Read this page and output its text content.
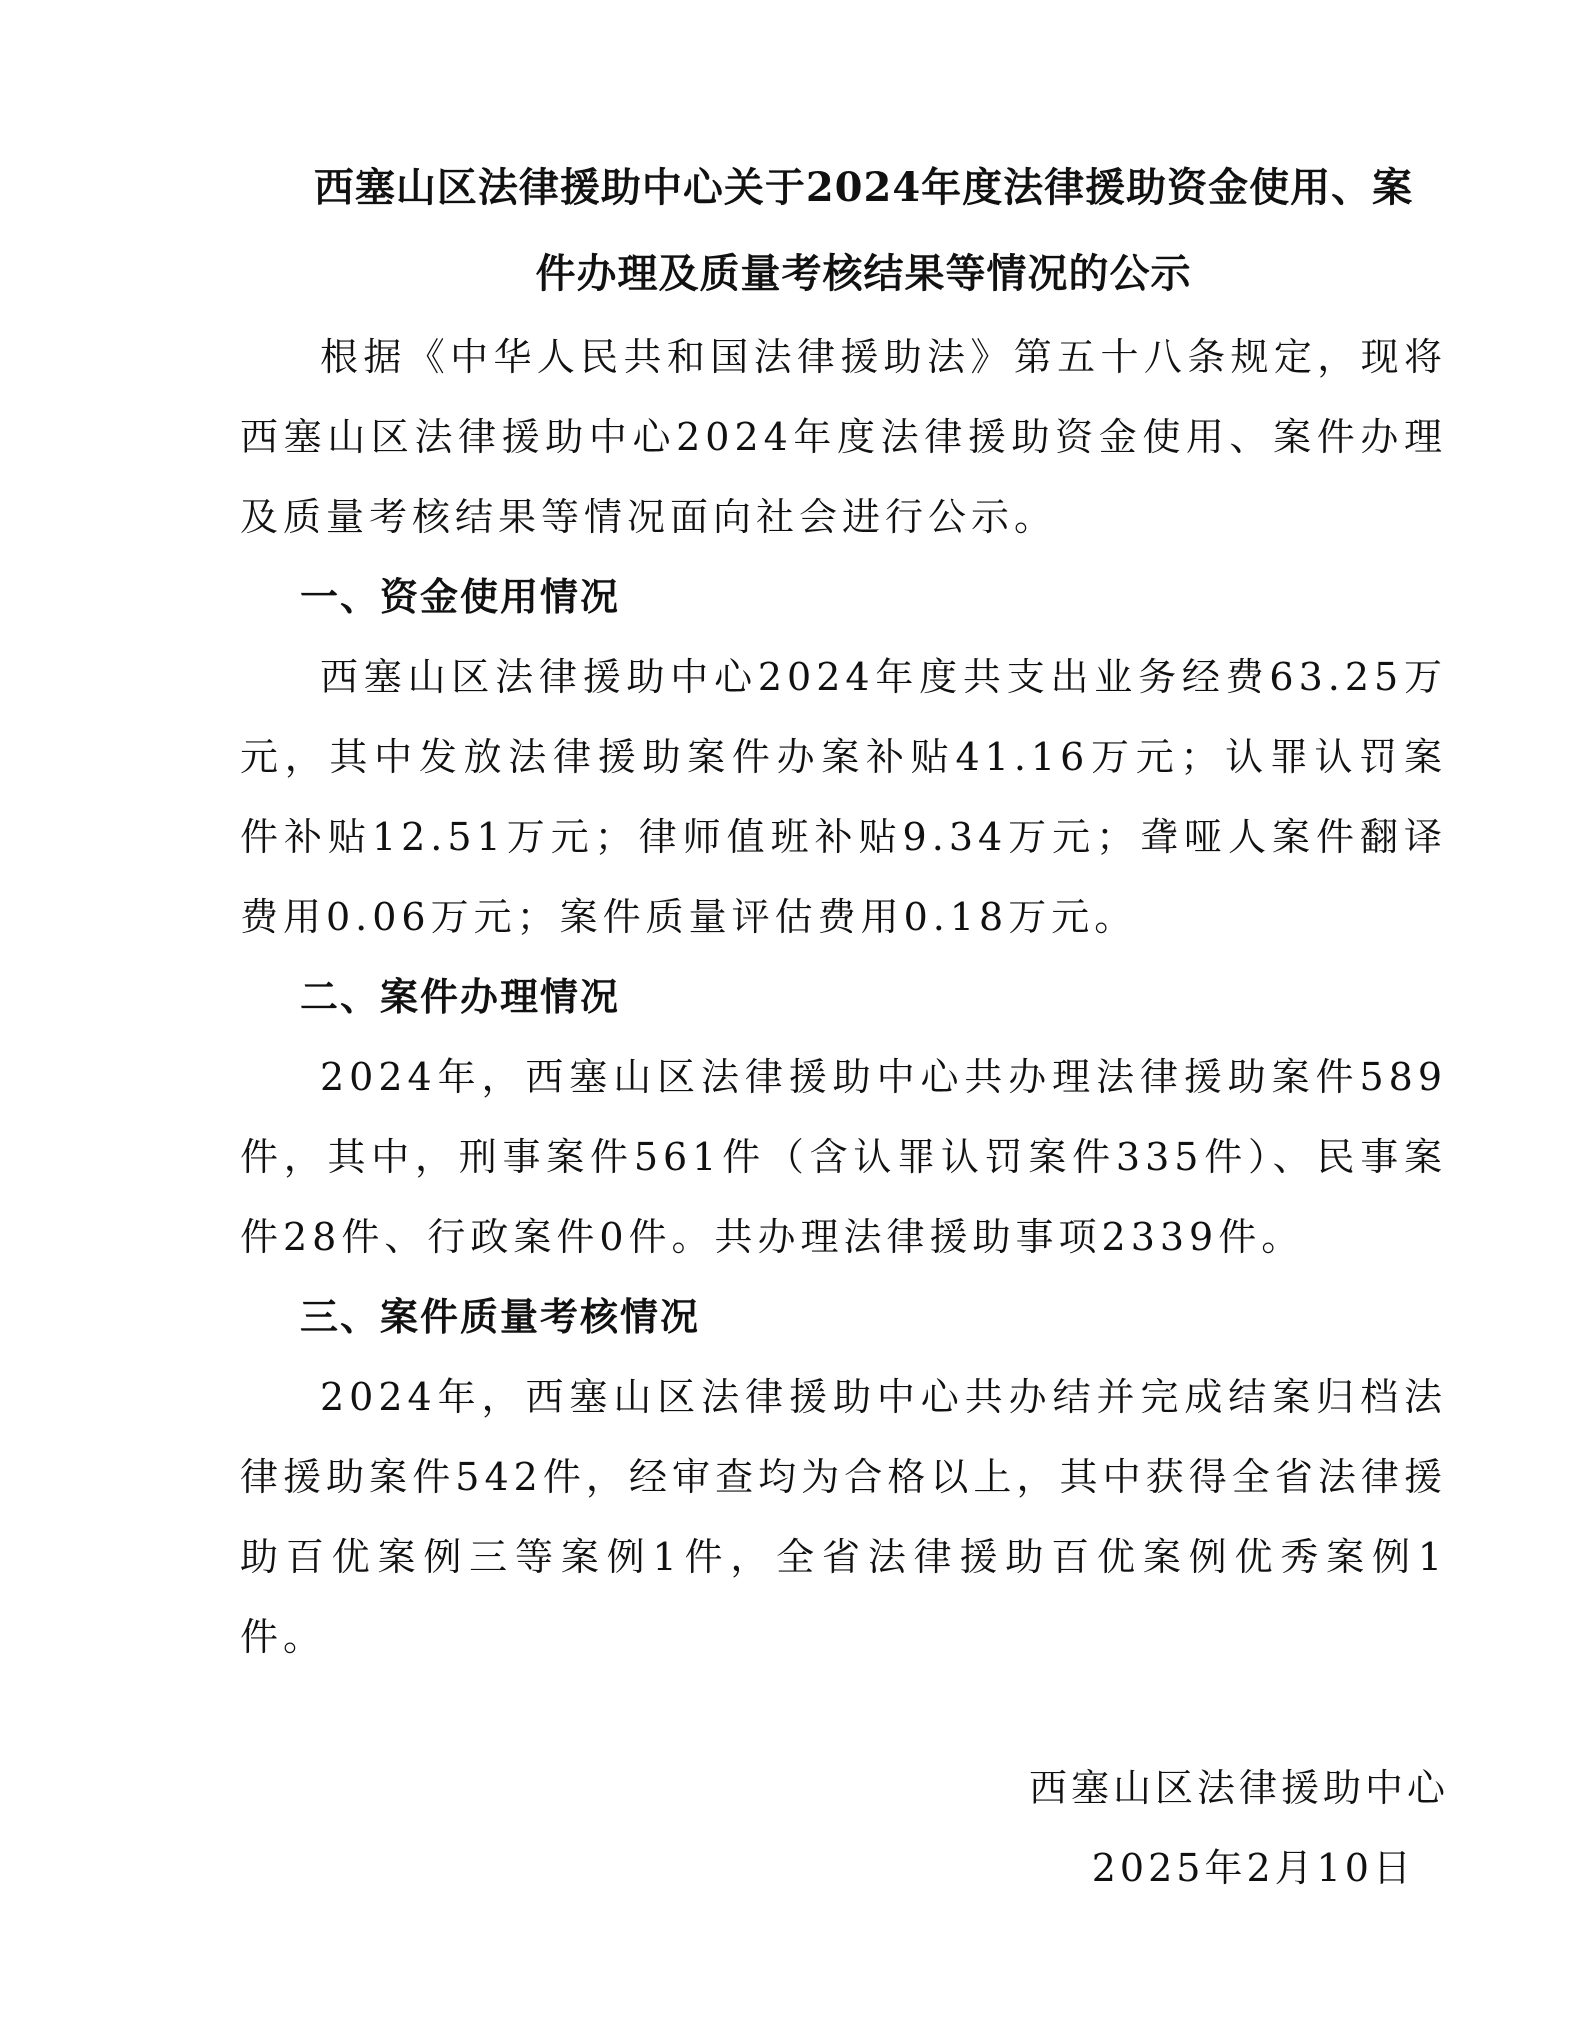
西塞山区法律援助中心关于2024年度法律援助资金使用、案
件办理及质量考核结果等情况的公示

根据《中华人民共和国法律援助法》第五十八条规定，现将西塞山区法律援助中心2024年度法律援助资金使用、案件办理及质量考核结果等情况面向社会进行公示。

一、资金使用情况

西塞山区法律援助中心2024年度共支出业务经费63.25万元，其中发放法律援助案件办案补贴41.16万元；认罪认罚案件补贴12.51万元；律师值班补贴9.34万元；聋哑人案件翻译费用0.06万元；案件质量评估费用0.18万元。

二、案件办理情况

2024年，西塞山区法律援助中心共办理法律援助案件589件，其中，刑事案件561件（含认罪认罚案件335件）、民事案件28件、行政案件0件。共办理法律援助事项2339件。

三、案件质量考核情况

2024年，西塞山区法律援助中心共办结并完成结案归档法律援助案件542件，经审查均为合格以上，其中获得全省法律援助百优案例三等案例1件，全省法律援助百优案例优秀案例1件。

西塞山区法律援助中心
2025年2月10日
